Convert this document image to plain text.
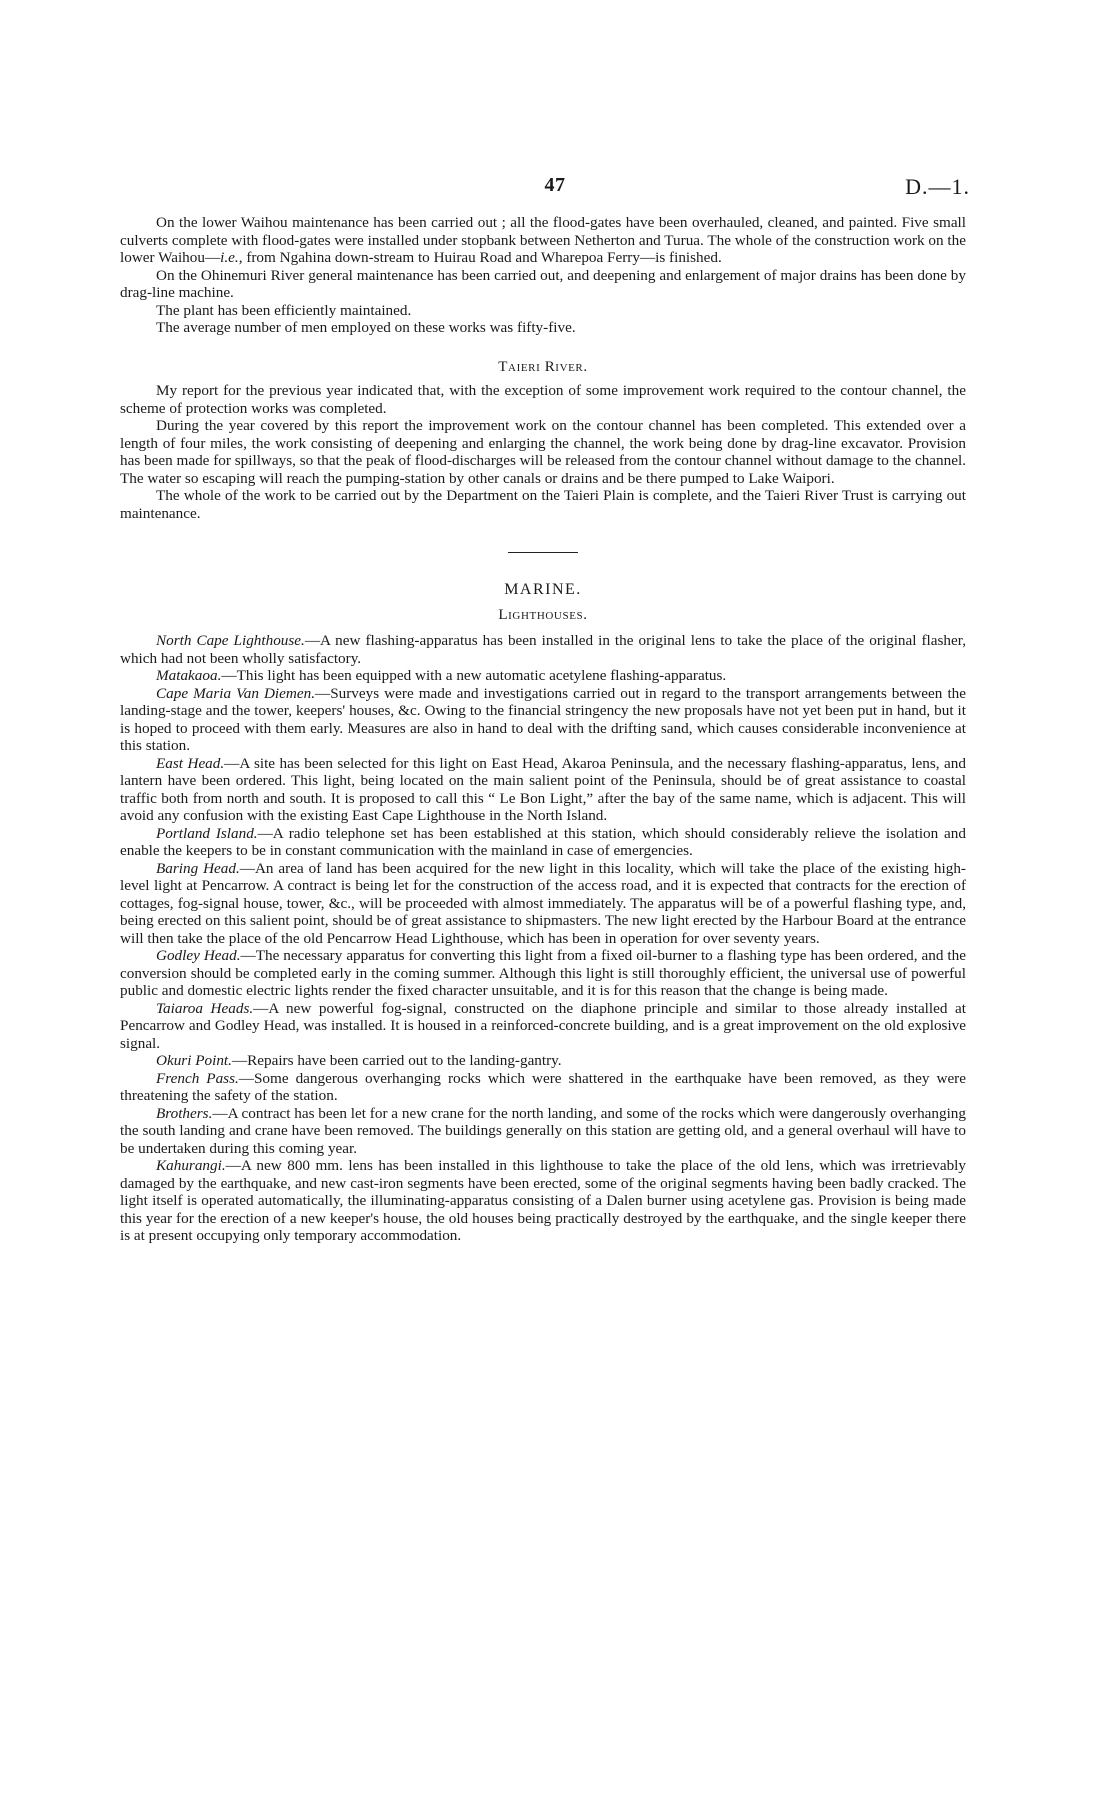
47	D.—1.

On the lower Waihou maintenance has been carried out ; all the flood-gates have been overhauled, cleaned, and painted. Five small culverts complete with flood-gates were installed under stopbank between Netherton and Turua. The whole of the construction work on the lower Waihou—i.e., from Ngahina down-stream to Huirau Road and Wharepoa Ferry—is finished.

On the Ohinemuri River general maintenance has been carried out, and deepening and enlargement of major drains has been done by drag-line machine.

The plant has been efficiently maintained.

The average number of men employed on these works was fifty-five.

Taieri River.

My report for the previous year indicated that, with the exception of some improvement work required to the contour channel, the scheme of protection works was completed.

During the year covered by this report the improvement work on the contour channel has been completed. This extended over a length of four miles, the work consisting of deepening and enlarging the channel, the work being done by drag-line excavator. Provision has been made for spillways, so that the peak of flood-discharges will be released from the contour channel without damage to the channel. The water so escaping will reach the pumping-station by other canals or drains and be there pumped to Lake Waipori.

The whole of the work to be carried out by the Department on the Taieri Plain is complete, and the Taieri River Trust is carrying out maintenance.

MARINE.
Lighthouses.

North Cape Lighthouse.—A new flashing-apparatus has been installed in the original lens to take the place of the original flasher, which had not been wholly satisfactory.

Matakaoa.—This light has been equipped with a new automatic acetylene flashing-apparatus.

Cape Maria Van Diemen.—Surveys were made and investigations carried out in regard to the transport arrangements between the landing-stage and the tower, keepers' houses, &c. Owing to the financial stringency the new proposals have not yet been put in hand, but it is hoped to proceed with them early. Measures are also in hand to deal with the drifting sand, which causes considerable inconvenience at this station.

East Head.—A site has been selected for this light on East Head, Akaroa Peninsula, and the necessary flashing-apparatus, lens, and lantern have been ordered. This light, being located on the main salient point of the Peninsula, should be of great assistance to coastal traffic both from north and south. It is proposed to call this “ Le Bon Light,” after the bay of the same name, which is adjacent. This will avoid any confusion with the existing East Cape Lighthouse in the North Island.

Portland Island.—A radio telephone set has been established at this station, which should considerably relieve the isolation and enable the keepers to be in constant communication with the mainland in case of emergencies.

Baring Head.—An area of land has been acquired for the new light in this locality, which will take the place of the existing high-level light at Pencarrow. A contract is being let for the construction of the access road, and it is expected that contracts for the erection of cottages, fog-signal house, tower, &c., will be proceeded with almost immediately. The apparatus will be of a powerful flashing type, and, being erected on this salient point, should be of great assistance to shipmasters. The new light erected by the Harbour Board at the entrance will then take the place of the old Pencarrow Head Lighthouse, which has been in operation for over seventy years.

Godley Head.—The necessary apparatus for converting this light from a fixed oil-burner to a flashing type has been ordered, and the conversion should be completed early in the coming summer. Although this light is still thoroughly efficient, the universal use of powerful public and domestic electric lights render the fixed character unsuitable, and it is for this reason that the change is being made.

Taiaroa Heads.—A new powerful fog-signal, constructed on the diaphone principle and similar to those already installed at Pencarrow and Godley Head, was installed. It is housed in a reinforced-concrete building, and is a great improvement on the old explosive signal.

Okuri Point.—Repairs have been carried out to the landing-gantry.

French Pass.—Some dangerous overhanging rocks which were shattered in the earthquake have been removed, as they were threatening the safety of the station.

Brothers.—A contract has been let for a new crane for the north landing, and some of the rocks which were dangerously overhanging the south landing and crane have been removed. The buildings generally on this station are getting old, and a general overhaul will have to be undertaken during this coming year.

Kahurangi.—A new 800 mm. lens has been installed in this lighthouse to take the place of the old lens, which was irretrievably damaged by the earthquake, and new cast-iron segments have been erected, some of the original segments having been badly cracked. The light itself is operated automatically, the illuminating-apparatus consisting of a Dalen burner using acetylene gas. Provision is being made this year for the erection of a new keeper's house, the old houses being practically destroyed by the earthquake, and the single keeper there is at present occupying only temporary accommodation.
